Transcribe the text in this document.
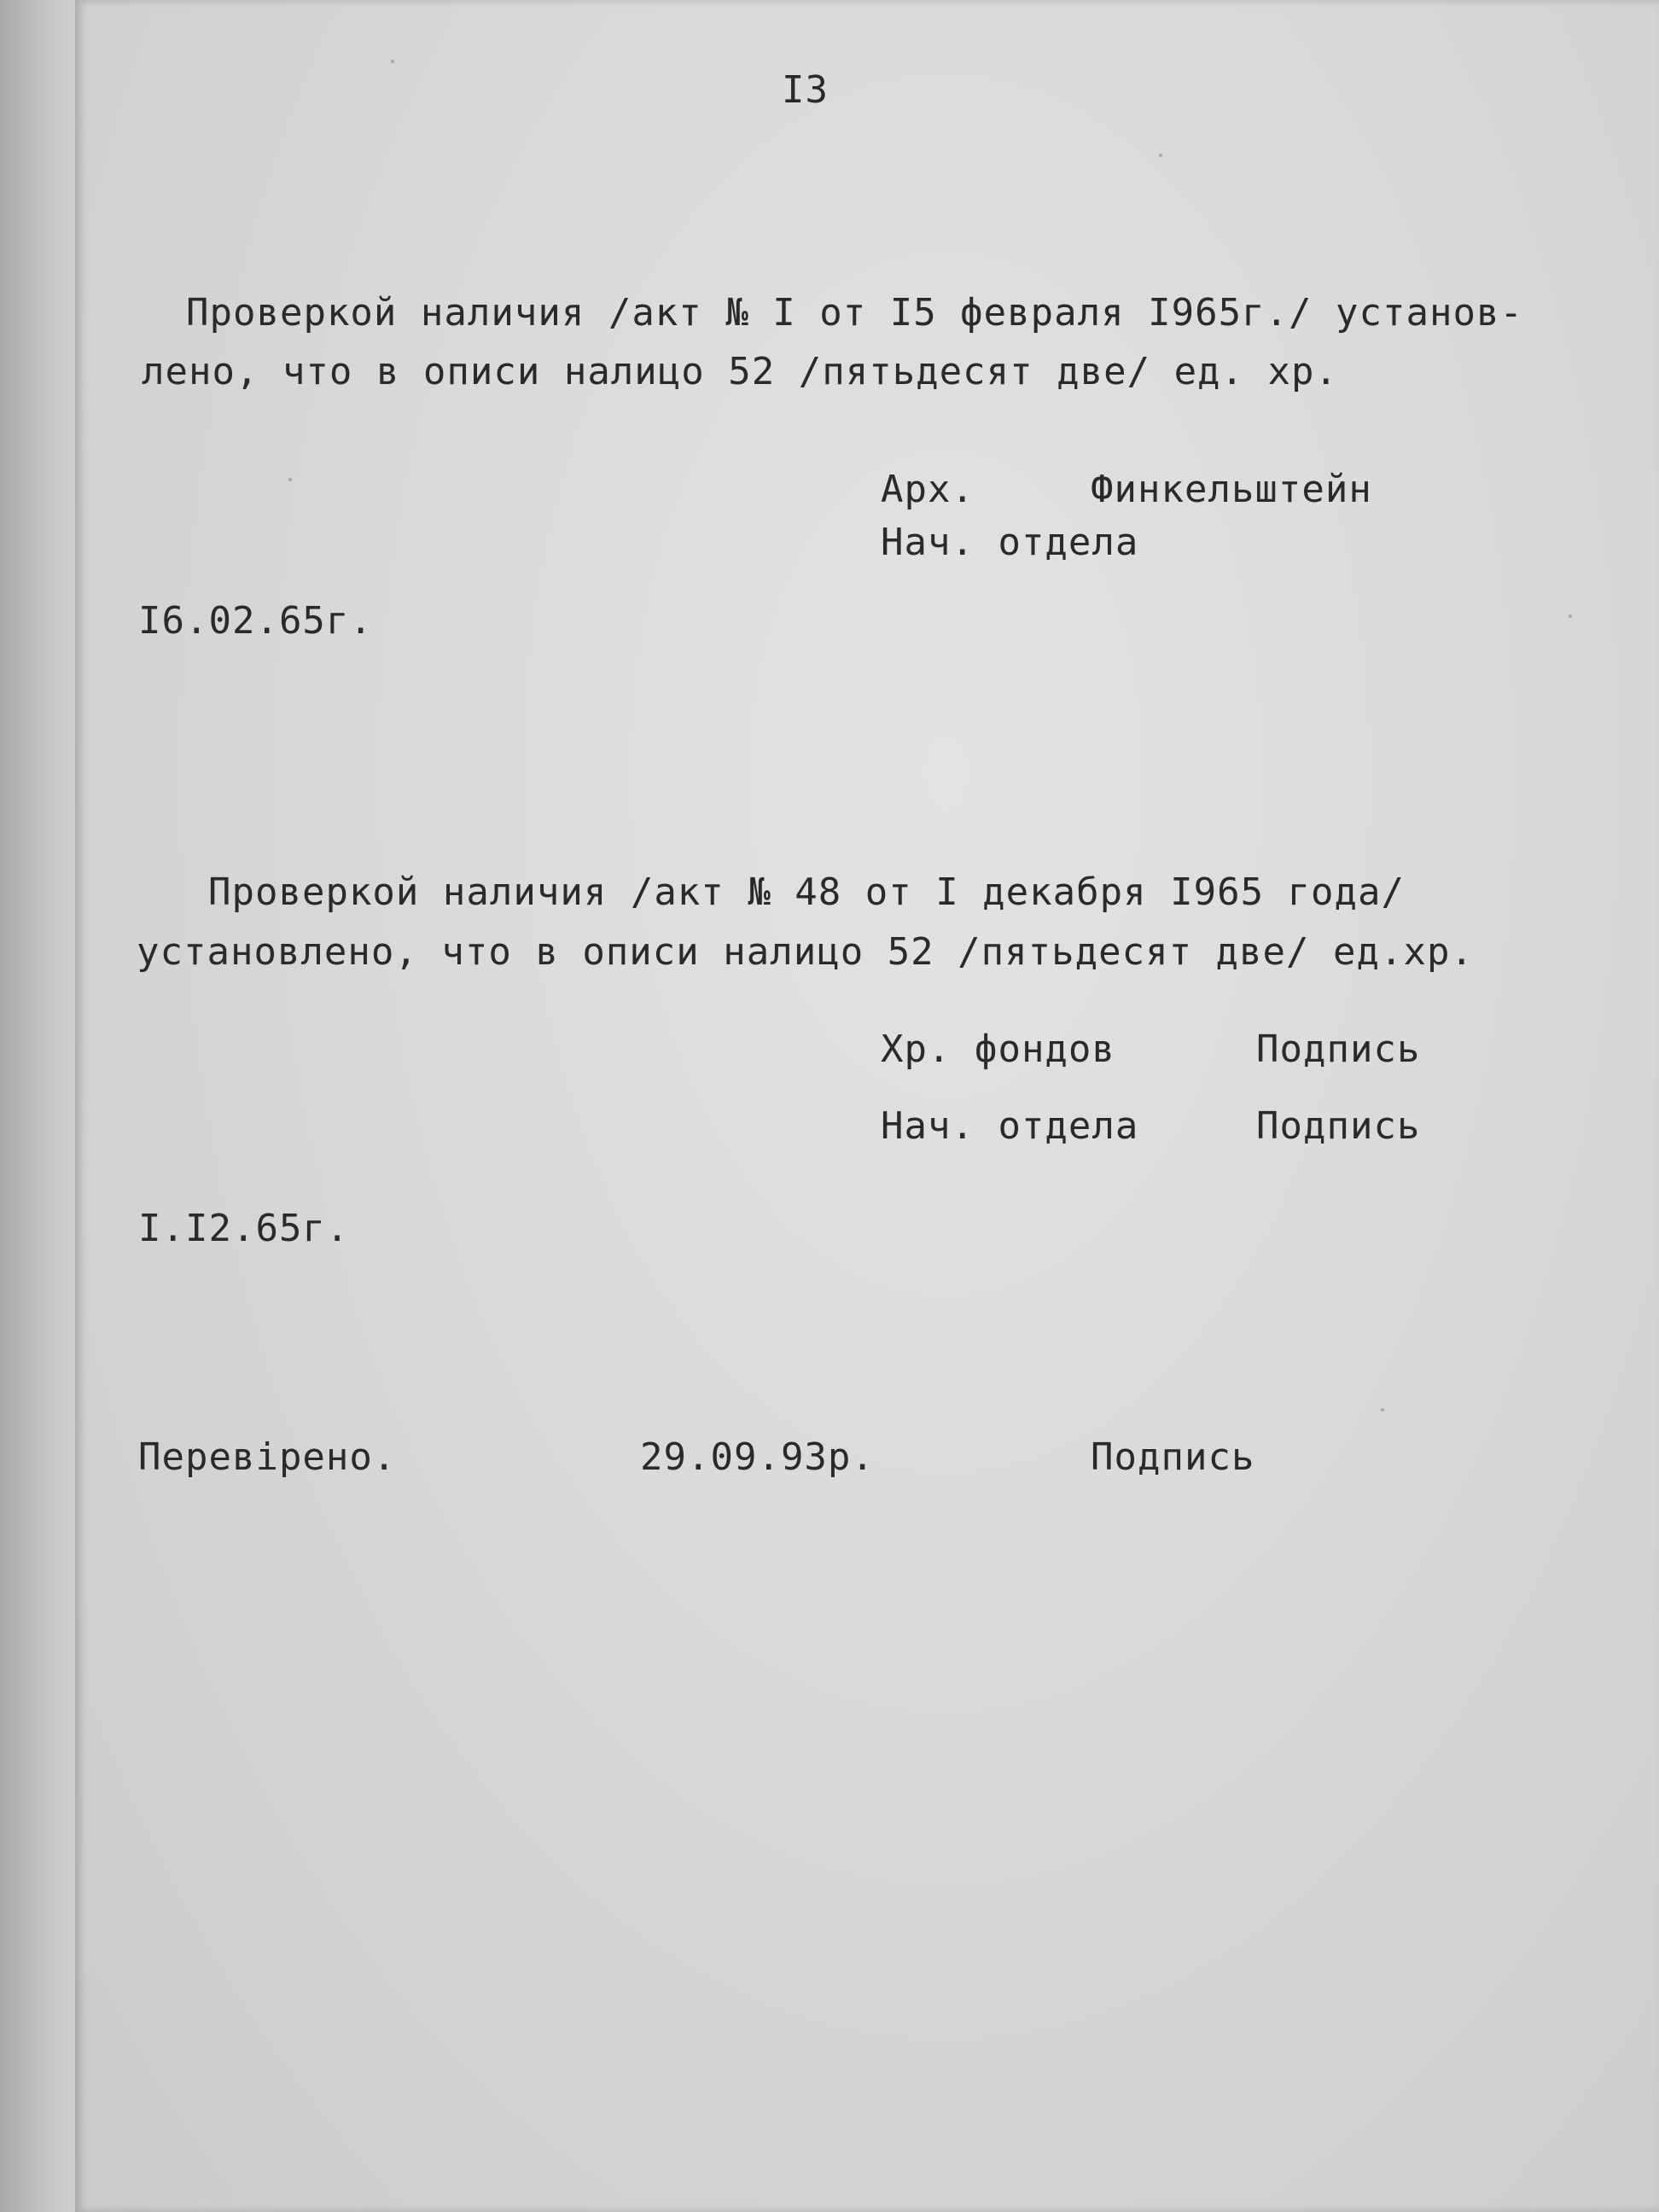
I3
Проверкой наличия /акт № I от I5 февраля I965г./ установ-
лено, что в описи налицо 52 /пятьдесят две/ ед. хр.
Арх.	Финкельштейн
Нач. отдела
I6.02.65г.
Проверкой наличия /акт № 48 от I декабря I965 года/
установлено, что в описи налицо 52 /пятьдесят две/ ед.хр.
Хр. фондов	Подпись
Нач. отдела	Подпись
I.I2.65г.
Перевірено.	29.09.93р.	Подпись
